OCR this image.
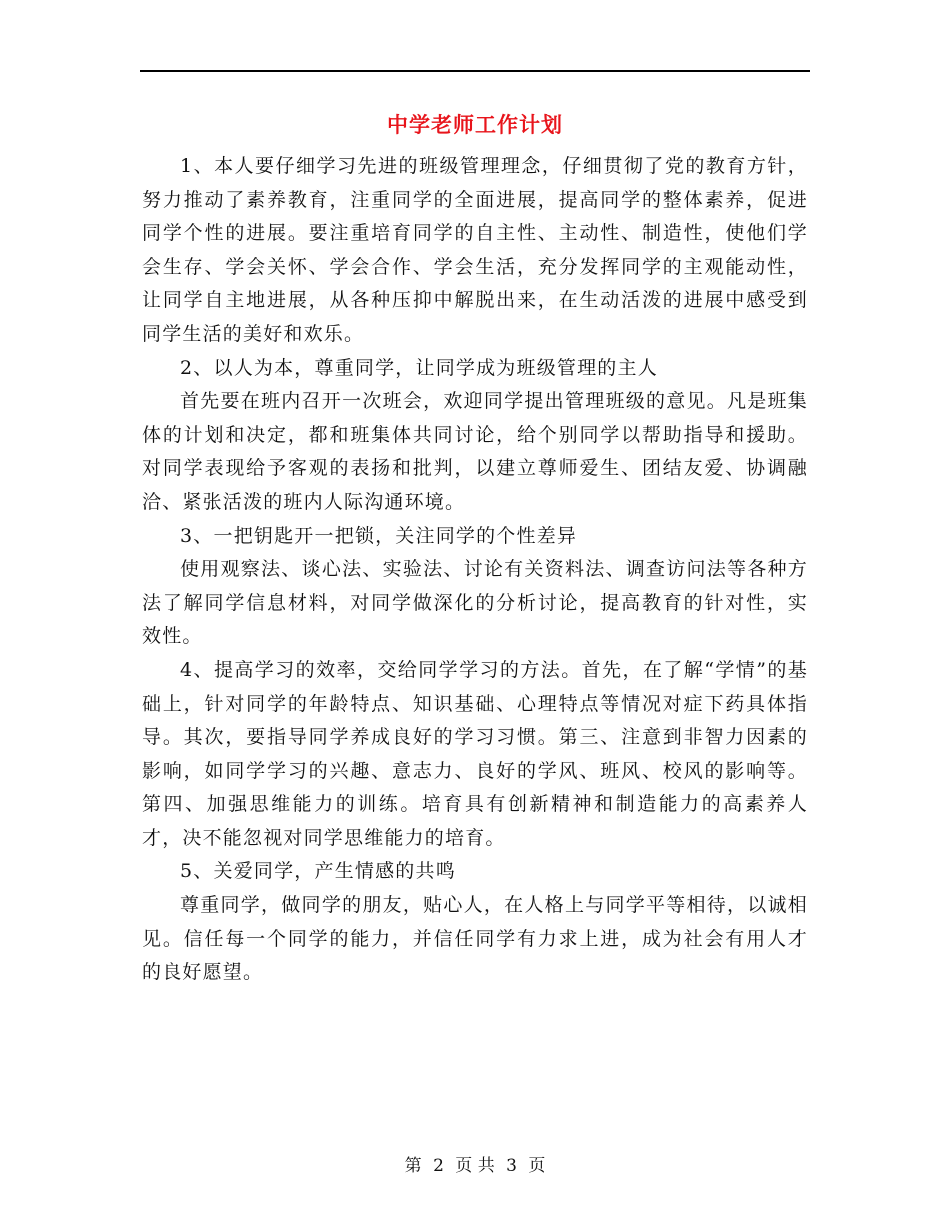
中学老师工作计划

1、本人要仔细学习先进的班级管理理念，仔细贯彻了党的教育方针，努力推动了素养教育，注重同学的全面进展，提高同学的整体素养，促进同学个性的进展。要注重培育同学的自主性、主动性、制造性，使他们学会生存、学会关怀、学会合作、学会生活，充分发挥同学的主观能动性，让同学自主地进展，从各种压抑中解脱出来，在生动活泼的进展中感受到同学生活的美好和欢乐。

2、以人为本，尊重同学，让同学成为班级管理的主人

首先要在班内召开一次班会，欢迎同学提出管理班级的意见。凡是班集体的计划和决定，都和班集体共同讨论，给个别同学以帮助指导和援助。对同学表现给予客观的表扬和批判，以建立尊师爱生、团结友爱、协调融洽、紧张活泼的班内人际沟通环境。

3、一把钥匙开一把锁，关注同学的个性差异

使用观察法、谈心法、实验法、讨论有关资料法、调查访问法等各种方法了解同学信息材料，对同学做深化的分析讨论，提高教育的针对性，实效性。

4、提高学习的效率，交给同学学习的方法。首先，在了解“学情”的基础上，针对同学的年龄特点、知识基础、心理特点等情况对症下药具体指导。其次，要指导同学养成良好的学习习惯。第三、注意到非智力因素的影响，如同学学习的兴趣、意志力、良好的学风、班风、校风的影响等。第四、加强思维能力的训练。培育具有创新精神和制造能力的高素养人才，决不能忽视对同学思维能力的培育。

5、关爱同学，产生情感的共鸣

尊重同学，做同学的朋友，贴心人，在人格上与同学平等相待，以诚相见。信任每一个同学的能力，并信任同学有力求上进，成为社会有用人才的良好愿望。

第 2 页 共 3 页
